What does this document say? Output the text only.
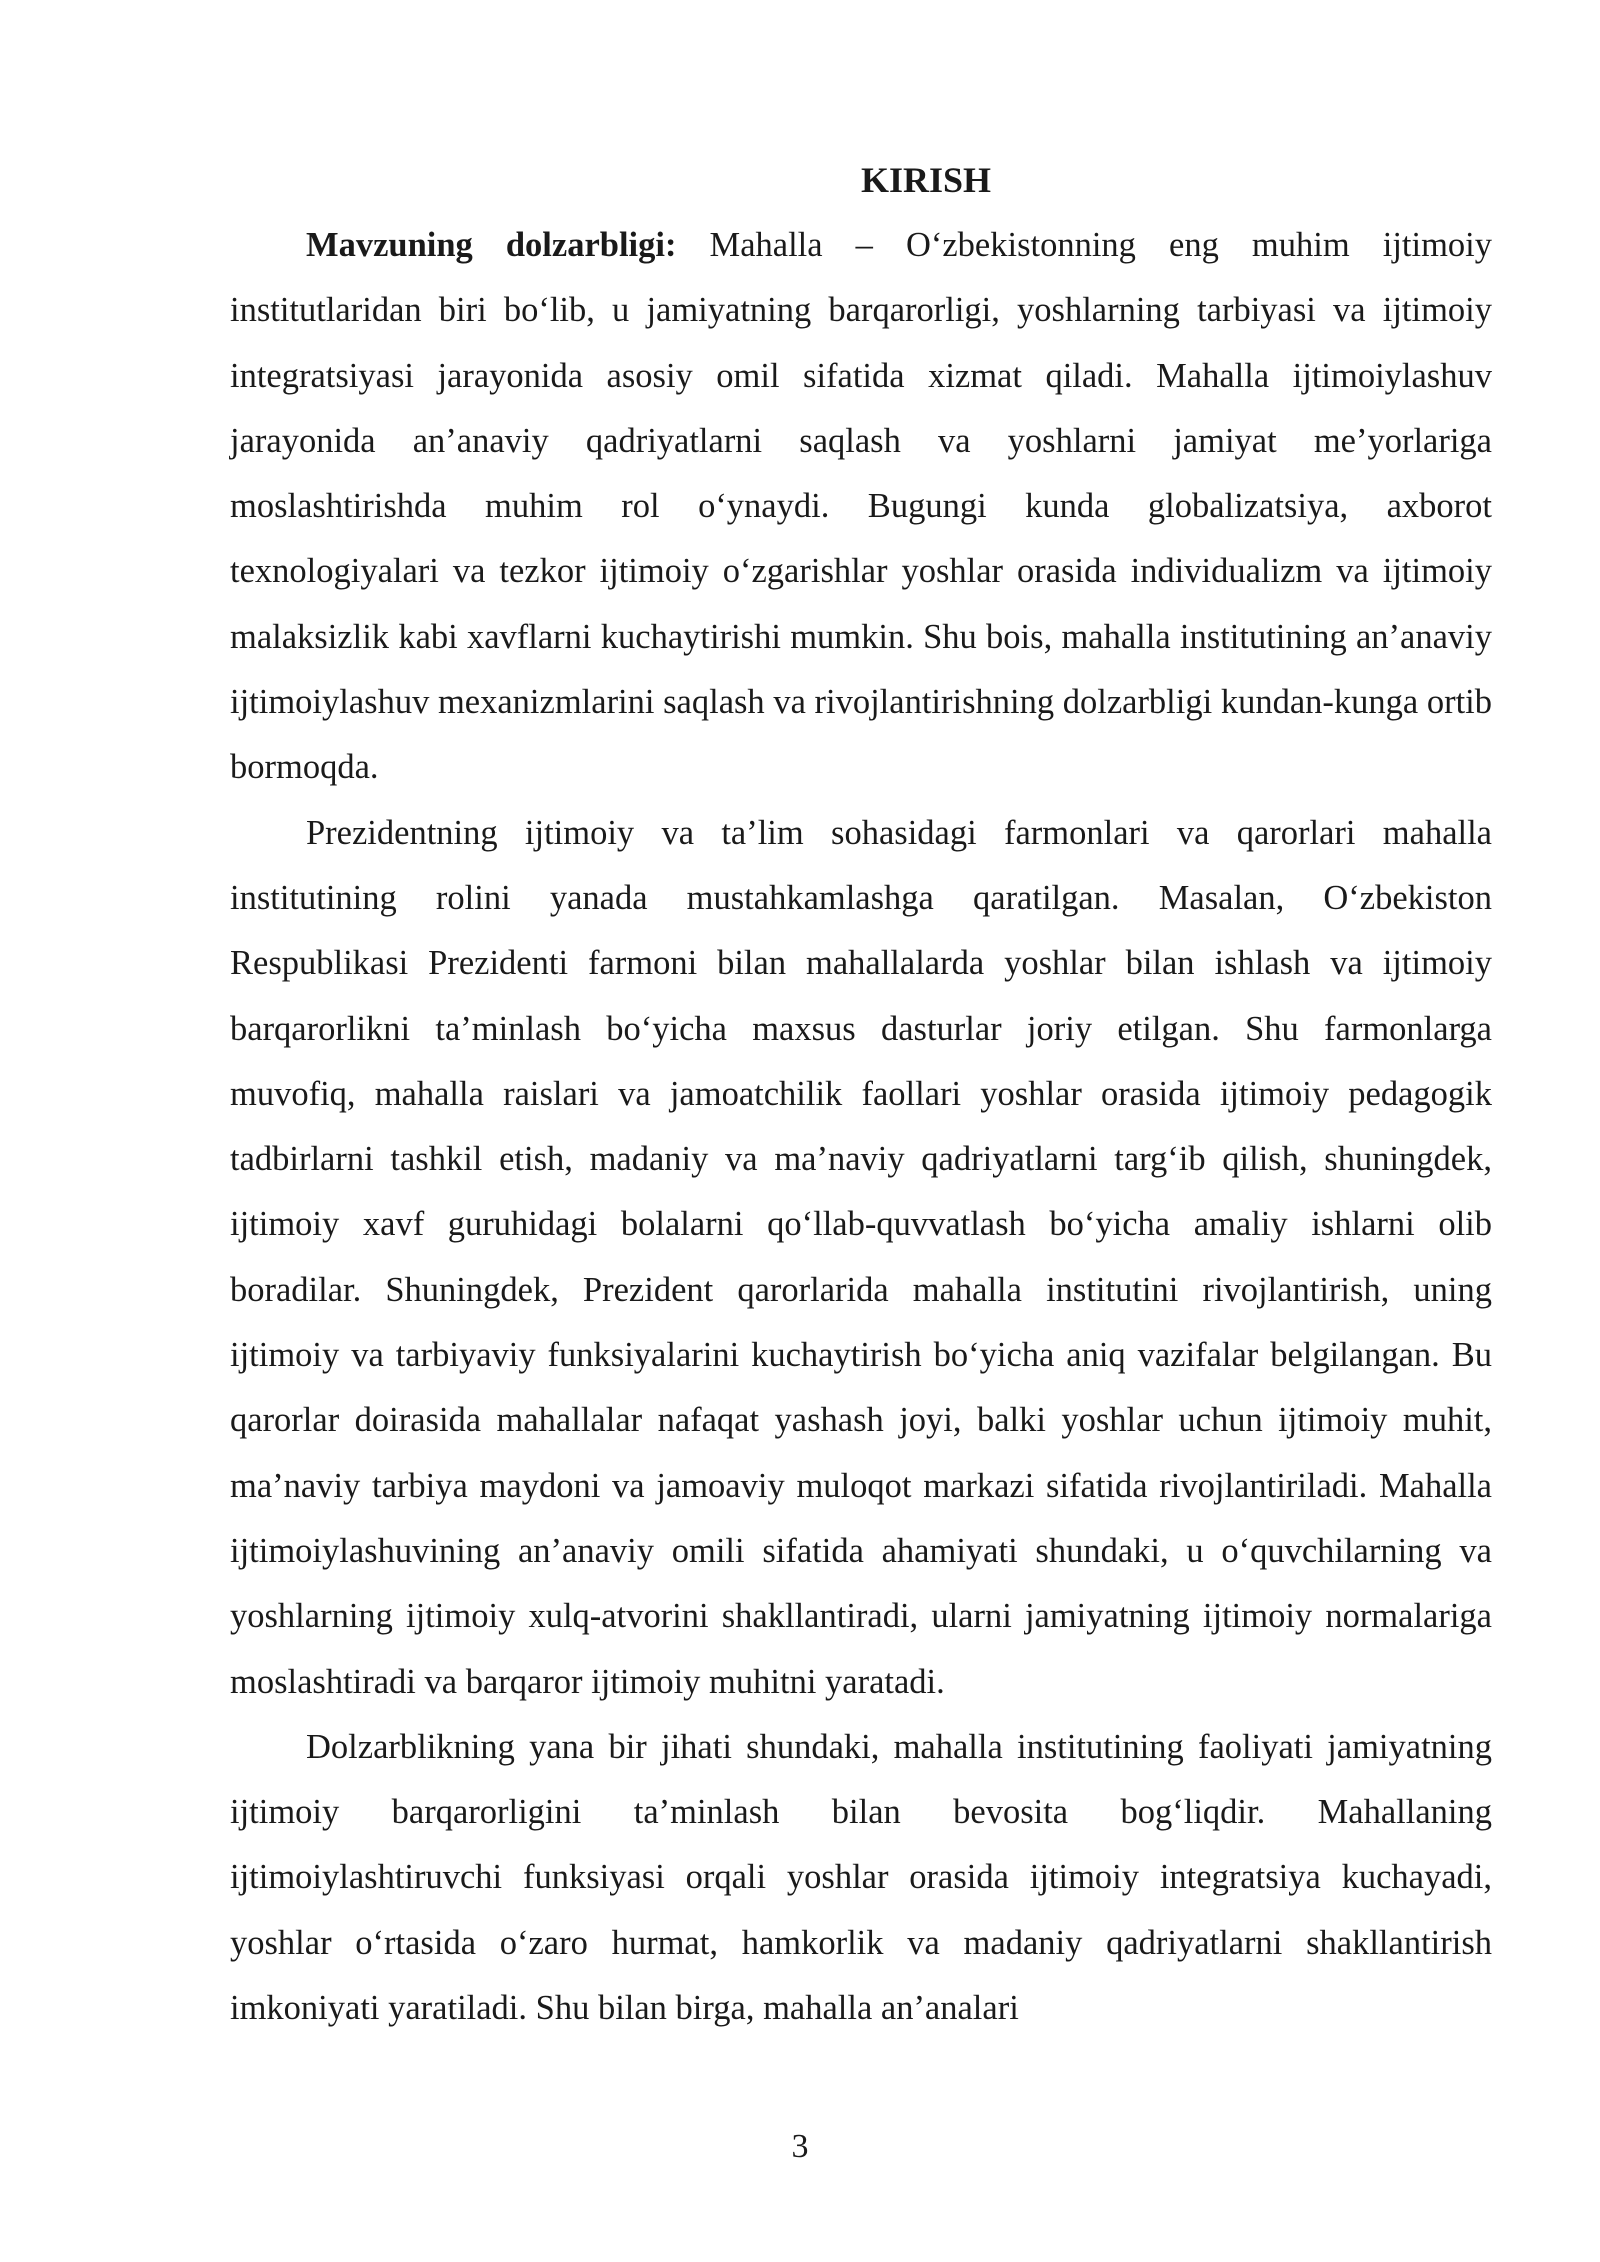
KIRISH

Mavzuning dolzarbligi: Mahalla – O‘zbekistonning eng muhim ijtimoiy institutlaridan biri bo‘lib, u jamiyatning barqarorligi, yoshlarning tarbiyasi va ijtimoiy integratsiyasi jarayonida asosiy omil sifatida xizmat qiladi. Mahalla ijtimoiylashuv jarayonida an’anaviy qadriyatlarni saqlash va yoshlarni jamiyat me’yorlariga moslashtirishda muhim rol o‘ynaydi. Bugungi kunda globalizatsiya, axborot texnologiyalari va tezkor ijtimoiy o‘zgarishlar yoshlar orasida individualizm va ijtimoiy malaksizlik kabi xavflarni kuchaytirishi mumkin. Shu bois, mahalla institutining an’anaviy ijtimoiylashuv mexanizmlarini saqlash va rivojlantirishning dolzarbligi kundan-kunga ortib bormoqda.

Prezidentning ijtimoiy va ta’lim sohasidagi farmonlari va qarorlari mahalla institutining rolini yanada mustahkamlashga qaratilgan. Masalan, O‘zbekiston Respublikasi Prezidenti farmoni bilan mahallalarda yoshlar bilan ishlash va ijtimoiy barqarorlikni ta’minlash bo‘yicha maxsus dasturlar joriy etilgan. Shu farmonlarga muvofiq, mahalla raislari va jamoatchilik faollari yoshlar orasida ijtimoiy pedagogik tadbirlarni tashkil etish, madaniy va ma’naviy qadriyatlarni targ‘ib qilish, shuningdek, ijtimoiy xavf guruhidagi bolalarni qo‘llab-quvvatlash bo‘yicha amaliy ishlarni olib boradilar. Shuningdek, Prezident qarorlarida mahalla institutini rivojlantirish, uning ijtimoiy va tarbiyaviy funksiyalarini kuchaytirish bo‘yicha aniq vazifalar belgilangan. Bu qarorlar doirasida mahallalar nafaqat yashash joyi, balki yoshlar uchun ijtimoiy muhit, ma’naviy tarbiya maydoni va jamoaviy muloqot markazi sifatida rivojlantiriladi. Mahalla ijtimoiylashuvining an’anaviy omili sifatida ahamiyati shundaki, u o‘quvchilarning va yoshlarning ijtimoiy xulq-atvorini shakllantiradi, ularni jamiyatning ijtimoiy normalariga moslashtiradi va barqaror ijtimoiy muhitni yaratadi.

Dolzarblikning yana bir jihati shundaki, mahalla institutining faoliyati jamiyatning ijtimoiy barqarorligini ta’minlash bilan bevosita bog‘liqdir. Mahallaning ijtimoiylashtiruvchi funksiyasi orqali yoshlar orasida ijtimoiy integratsiya kuchayadi, yoshlar o‘rtasida o‘zaro hurmat, hamkorlik va madaniy qadriyatlarni shakllantirish imkoniyati yaratiladi. Shu bilan birga, mahalla an’analari

3
